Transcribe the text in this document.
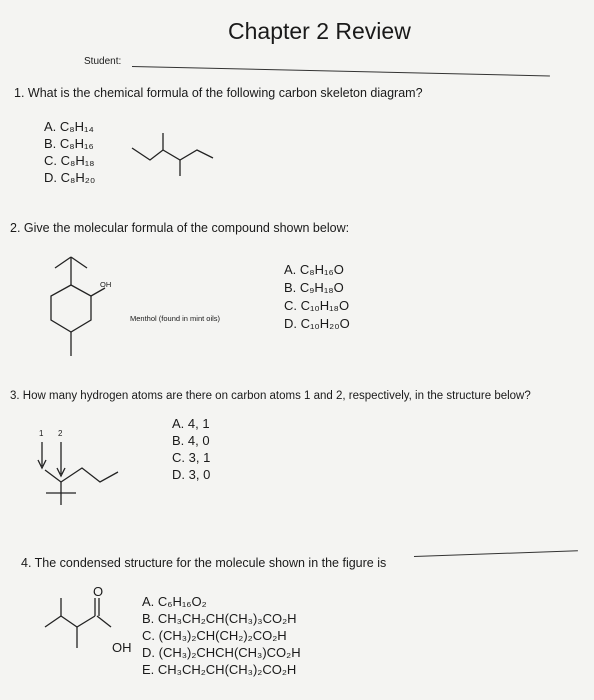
Chapter 2 Review
Student:
1. What is the chemical formula of the following carbon skeleton diagram?
A. C₈H₁₄
B. C₈H₁₆
C. C₈H₁₈
D. C₈H₂₀
2. Give the molecular formula of the compound shown below:
OH
Menthol (found in mint oils)
A. C₈H₁₆O
B. C₉H₁₈O
C. C₁₀H₁₈O
D. C₁₀H₂₀O
3. How many hydrogen atoms are there on carbon atoms 1 and 2, respectively, in the structure below?
1 2
A. 4, 1
B. 4, 0
C. 3, 1
D. 3, 0
4. The condensed structure for the molecule shown in the figure is
O
OH
A. C₆H₁₆O₂
B. CH₃CH₂CH(CH₃)₃CO₂H
C. (CH₃)₂CH(CH₂)₂CO₂H
D. (CH₃)₂CHCH(CH₃)CO₂H
E. CH₃CH₂CH(CH₃)₂CO₂H
